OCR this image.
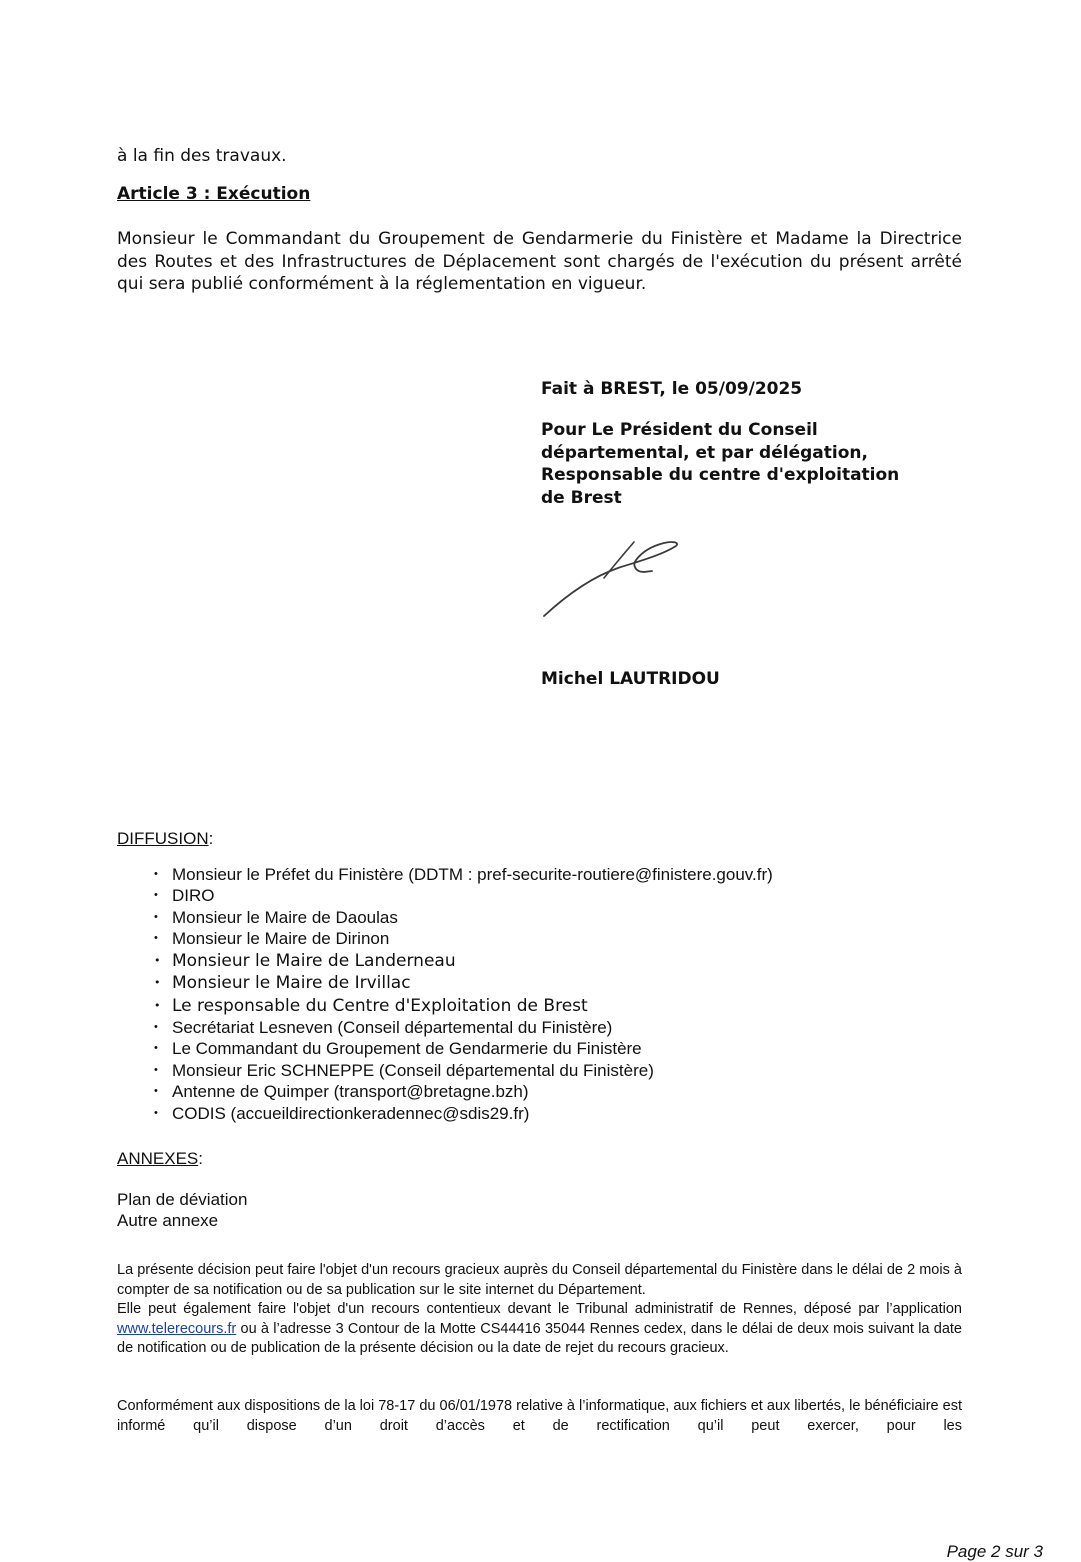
à la fin des travaux.
Article 3 : Exécution
Monsieur le Commandant du Groupement de Gendarmerie du Finistère et Madame la Directrice des Routes et des Infrastructures de Déplacement sont chargés de l'exécution du présent arrêté qui sera publié conformément à la réglementation en vigueur.
Fait à BREST, le 05/09/2025
Pour Le Président du Conseil
départemental, et par délégation,
Responsable du centre d'exploitation
de Brest
Michel LAUTRIDOU
DIFFUSION:
• Monsieur le Préfet du Finistère (DDTM : pref-securite-routiere@finistere.gouv.fr)
• DIRO
• Monsieur le Maire de Daoulas
• Monsieur le Maire de Dirinon
• Monsieur le Maire de Landerneau
• Monsieur le Maire de Irvillac
• Le responsable du Centre d'Exploitation de Brest
• Secrétariat Lesneven (Conseil départemental du Finistère)
• Le Commandant du Groupement de Gendarmerie du Finistère
• Monsieur Eric SCHNEPPE (Conseil départemental du Finistère)
• Antenne de Quimper (transport@bretagne.bzh)
• CODIS (accueildirectionkeradennec@sdis29.fr)
ANNEXES:
Plan de déviation
Autre annexe
La présente décision peut faire l'objet d'un recours gracieux auprès du Conseil départemental du Finistère dans le délai de 2 mois à compter de sa notification ou de sa publication sur le site internet du Département.
Elle peut également faire l'objet d'un recours contentieux devant le Tribunal administratif de Rennes, déposé par l’application www.telerecours.fr ou à l’adresse 3 Contour de la Motte CS44416 35044 Rennes cedex, dans le délai de deux mois suivant la date de notification ou de publication de la présente décision ou la date de rejet du recours gracieux.
Conformément aux dispositions de la loi 78-17 du 06/01/1978 relative à l’informatique, aux fichiers et aux libertés, le bénéficiaire est informé qu’il dispose d’un droit d’accès et de rectification qu’il peut exercer, pour les
Page 2 sur 3
